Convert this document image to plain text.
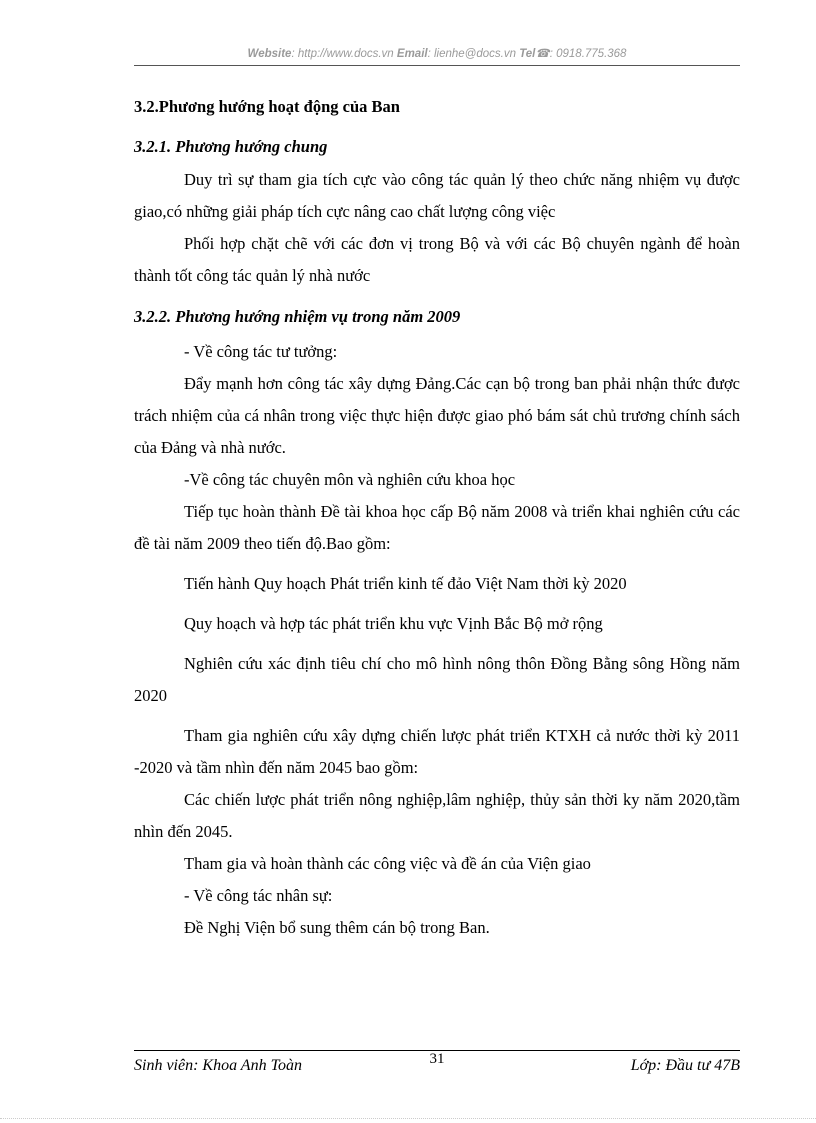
Website: http://www.docs.vn Email: lienhe@docs.vn Tel☎: 0918.775.368
3.2.Phương hướng hoạt động của Ban
3.2.1. Phương hướng chung

Duy trì sự tham gia tích cực vào công tác quản lý theo chức năng nhiệm vụ được giao,có những giải pháp tích cực nâng cao chất lượng công việc

Phối hợp chặt chẽ với các đơn vị trong Bộ và với các Bộ chuyên ngành để hoàn thành tốt công tác quản lý nhà nước

3.2.2. Phương hướng nhiệm vụ trong năm 2009

- Về công tác tư tưởng:

Đẩy mạnh hơn công tác xây dựng Đảng.Các cạn bộ trong ban phải nhận thức được trách nhiệm của cá nhân trong việc thực hiện được giao phó bám sát chủ trương chính sách của Đảng và nhà nước.

-Về công tác chuyên môn và nghiên cứu khoa học

Tiếp tục hoàn thành Đề tài khoa học cấp Bộ năm 2008 và triển khai nghiên cứu các đề tài năm 2009 theo tiến độ.Bao gồm:

Tiến hành Quy hoạch Phát triển kinh tế đảo Việt Nam thời kỳ 2020

Quy hoạch và hợp tác phát triển khu vực Vịnh Bắc Bộ mở rộng

Nghiên cứu xác định tiêu chí cho mô hình nông thôn Đồng Bằng sông Hồng năm 2020

Tham gia nghiên cứu xây dựng chiến lược phát triển KTXH cả nước thời kỳ 2011 -2020 và tầm nhìn đến năm 2045 bao gồm:

Các chiến lược phát triển nông nghiệp,lâm nghiệp, thủy sản thời ky năm 2020,tầm nhìn đến 2045.

Tham gia và hoàn thành các công việc và đề án của Viện giao

- Về công tác nhân sự:

Đề Nghị Viện bổ sung thêm cán bộ trong Ban.

Sinh viên: Khoa Anh Toàn	31	Lớp: Đầu tư 47B
